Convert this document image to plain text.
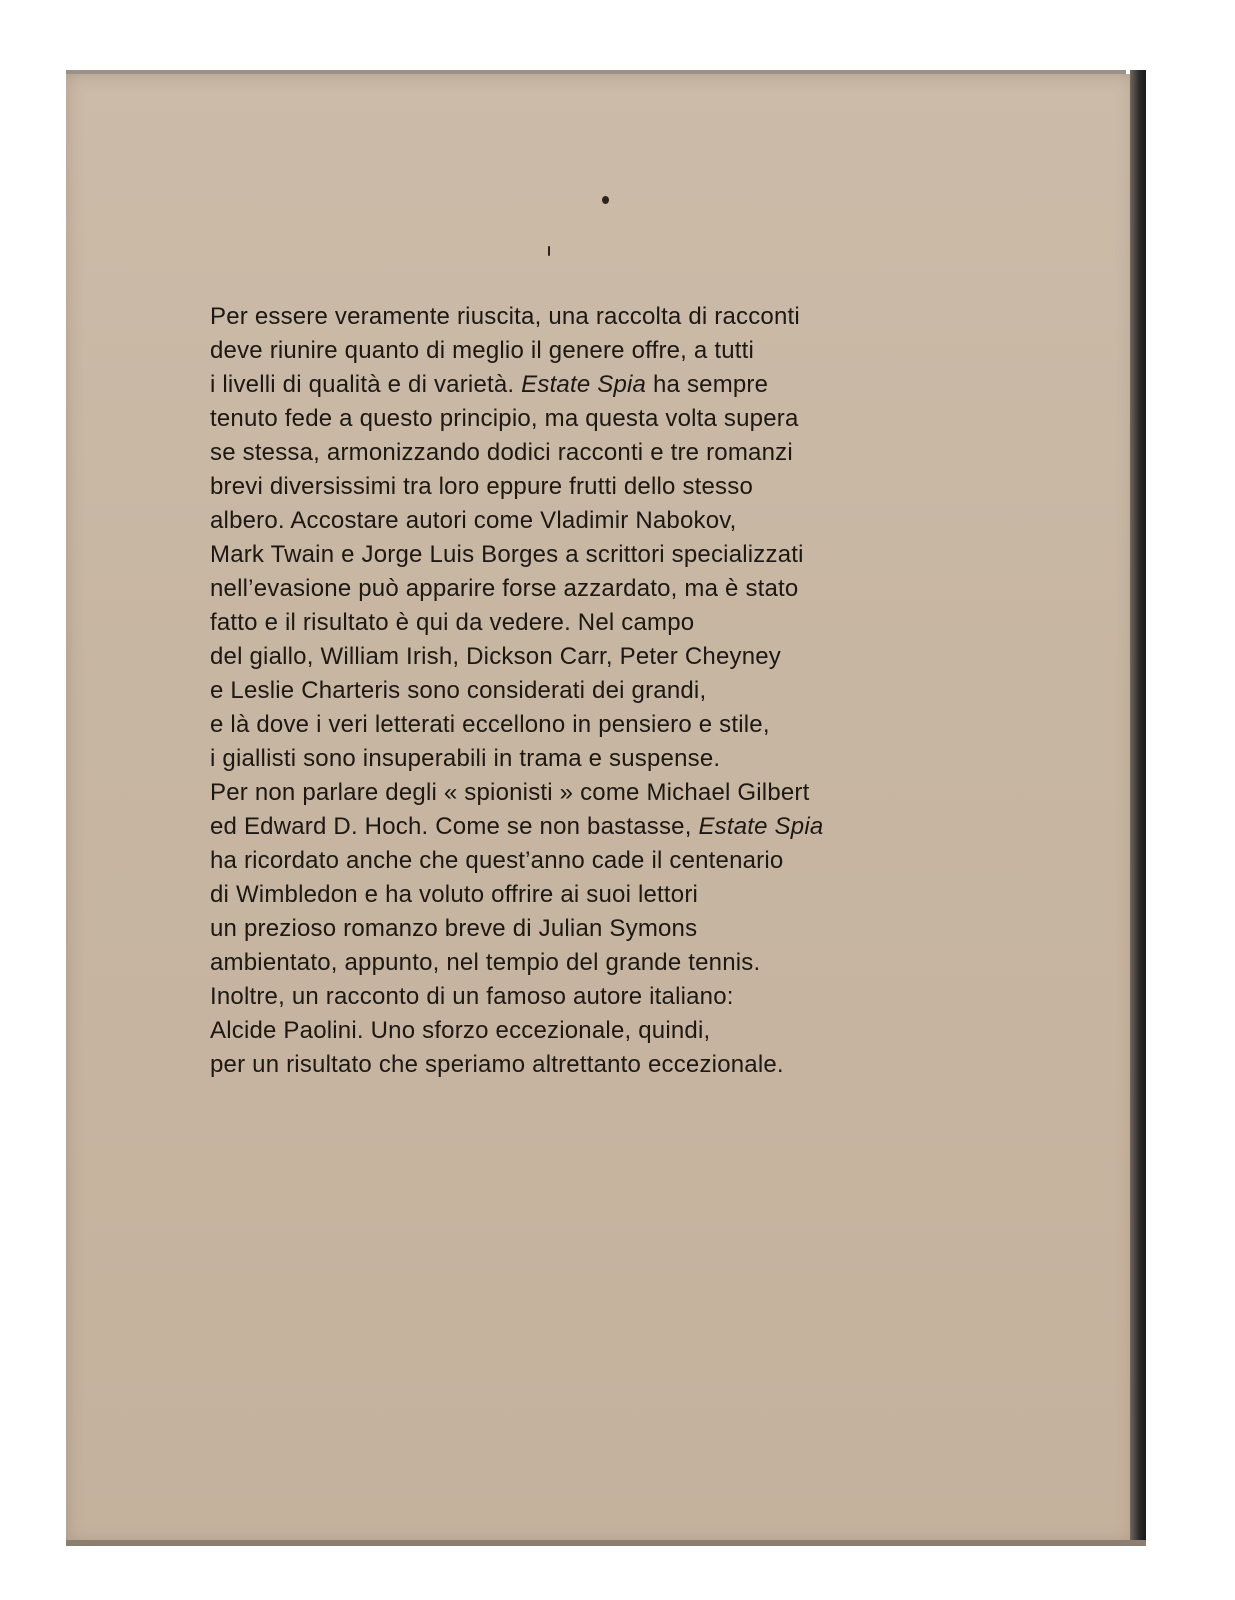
Per essere veramente riuscita, una raccolta di racconti
deve riunire quanto di meglio il genere offre, a tutti
i livelli di qualità e di varietà. Estate Spia ha sempre
tenuto fede a questo principio, ma questa volta supera
se stessa, armonizzando dodici racconti e tre romanzi
brevi diversissimi tra loro eppure frutti dello stesso
albero. Accostare autori come Vladimir Nabokov,
Mark Twain e Jorge Luis Borges a scrittori specializzati
nell’evasione può apparire forse azzardato, ma è stato
fatto e il risultato è qui da vedere. Nel campo
del giallo, William Irish, Dickson Carr, Peter Cheyney
e Leslie Charteris sono considerati dei grandi,
e là dove i veri letterati eccellono in pensiero e stile,
i giallisti sono insuperabili in trama e suspense.
Per non parlare degli « spionisti » come Michael Gilbert
ed Edward D. Hoch. Come se non bastasse, Estate Spia
ha ricordato anche che quest’anno cade il centenario
di Wimbledon e ha voluto offrire ai suoi lettori
un prezioso romanzo breve di Julian Symons
ambientato, appunto, nel tempio del grande tennis.
Inoltre, un racconto di un famoso autore italiano:
Alcide Paolini. Uno sforzo eccezionale, quindi,
per un risultato che speriamo altrettanto eccezionale.
